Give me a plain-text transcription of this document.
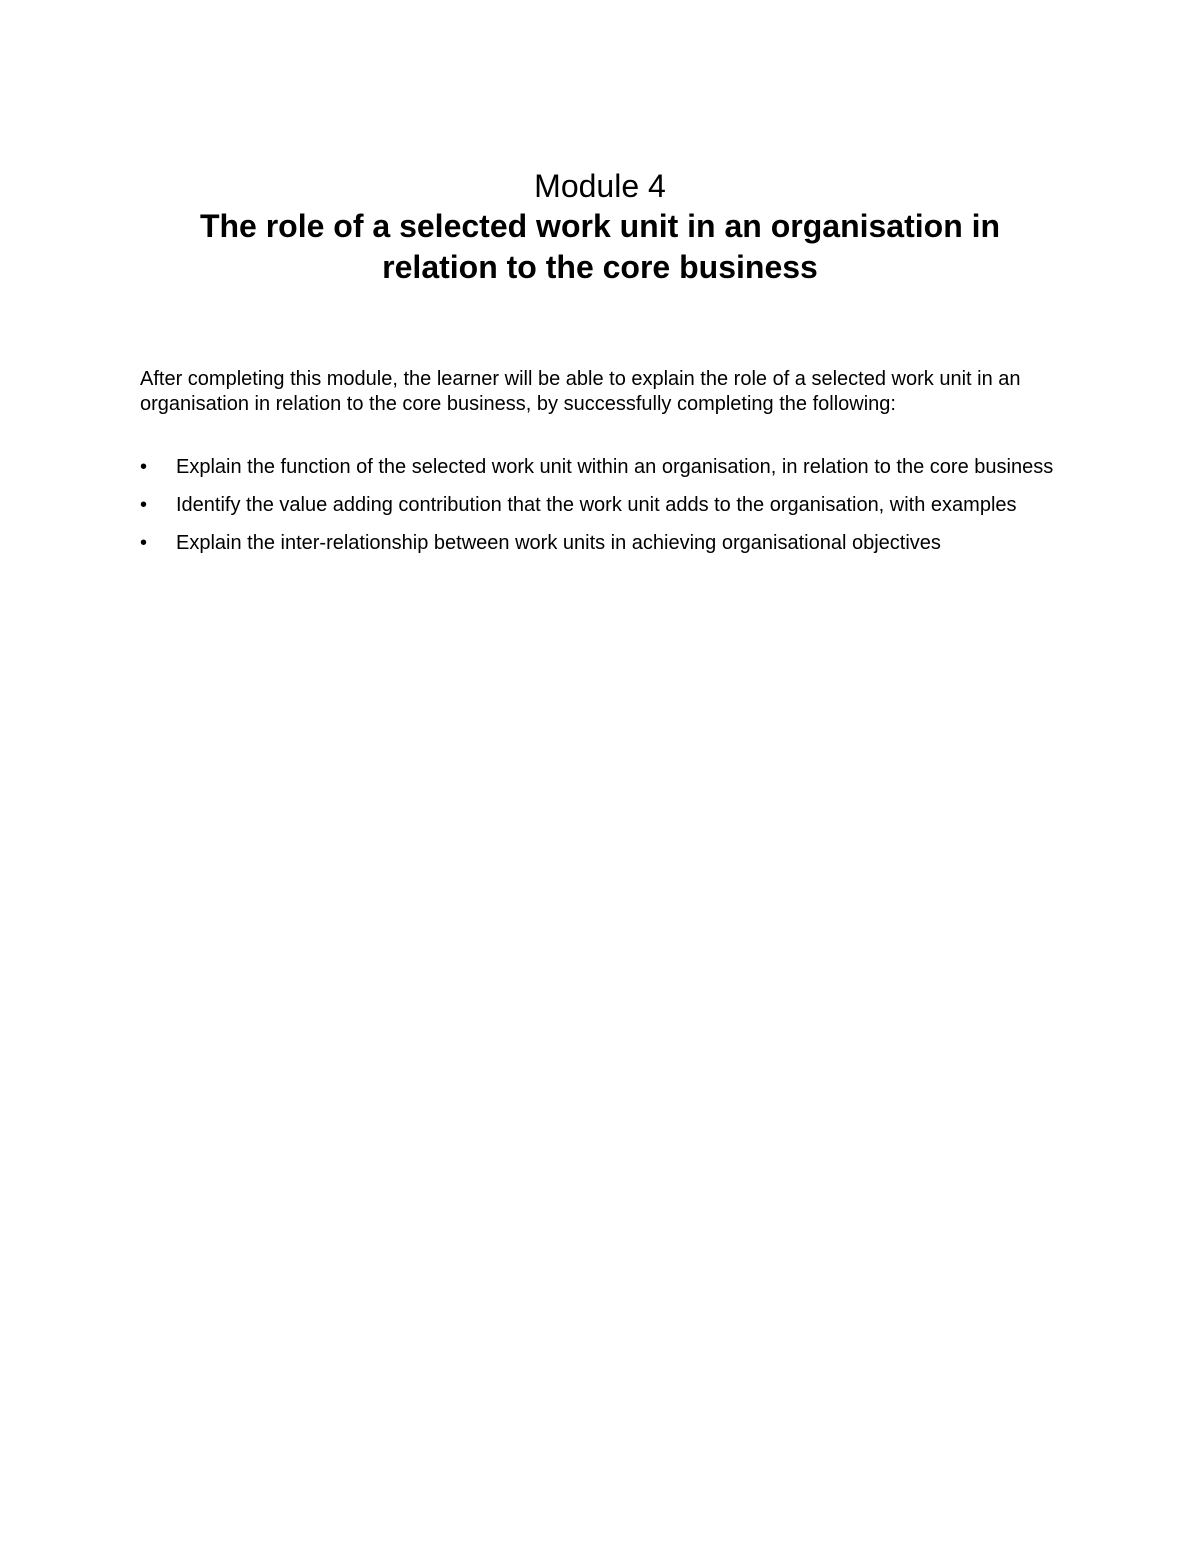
Module 4
The role of a selected work unit in an organisation in relation to the core business

After completing this module, the learner will be able to explain the role of a selected work unit in an organisation in relation to the core business, by successfully completing the following:

•	Explain the function of the selected work unit within an organisation, in relation to the core business
•	Identify the value adding contribution that the work unit adds to the organisation, with examples
•	Explain the inter-relationship between work units in achieving organisational objectives
